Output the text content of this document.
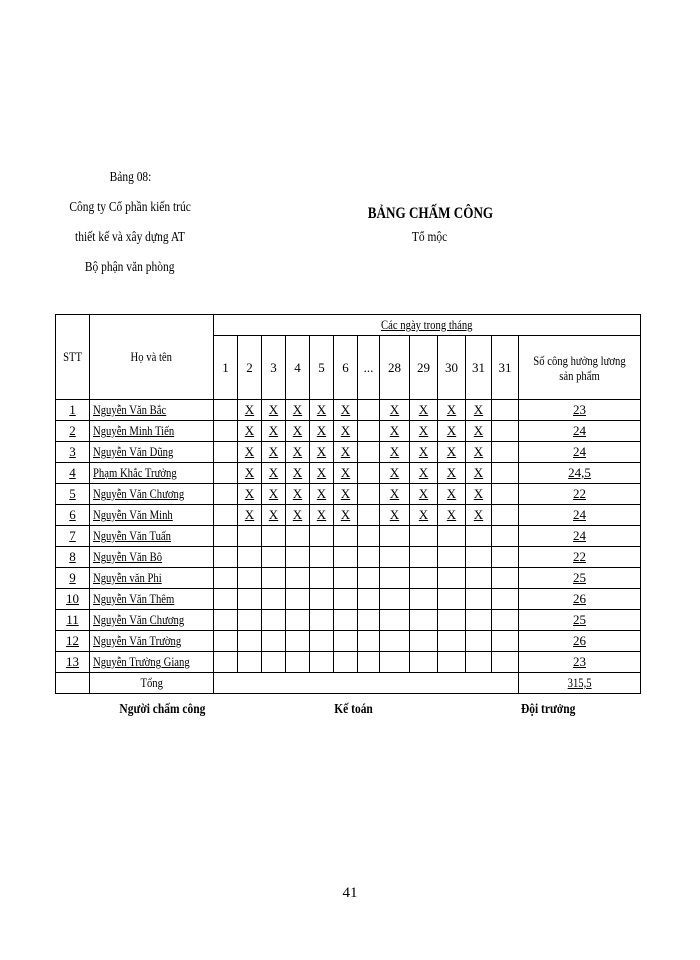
Bảng 08:
Công ty Cổ phần kiến trúc
thiết kế và xây dựng AT
Bộ phận văn phòng
BẢNG CHẤM CÔNG
Tổ mộc
STT	Họ và tên	Các ngày trong tháng												
		1	2	3	4	5	6	...	28	29	30	31	31	Số công hưởng lương sản phẩm
1	Nguyễn Văn Bắc		X	X	X	X	X		X	X	X	X		23
2	Nguyễn Minh Tiến		X	X	X	X	X		X	X	X	X		24
3	Nguyễn Văn Dũng		X	X	X	X	X		X	X	X	X		24
4	Phạm Khắc Trưởng		X	X	X	X	X		X	X	X	X		24,5
5	Nguyễn Văn Chương		X	X	X	X	X		X	X	X	X		22
6	Nguyễn Văn Minh		X	X	X	X	X		X	X	X	X		24
7	Nguyễn Văn Tuấn													24
8	Nguyễn Văn Bô													22
9	Nguyễn văn Phi													25
10	Nguyễn Văn Thêm													26
11	Nguyễn Văn Chương													25
12	Nguyễn Văn Trường													26
13	Nguyễn Trường Giang													23
	Tổng													315,5
Người chấm công	Kế toán	Đội trưởng
41
